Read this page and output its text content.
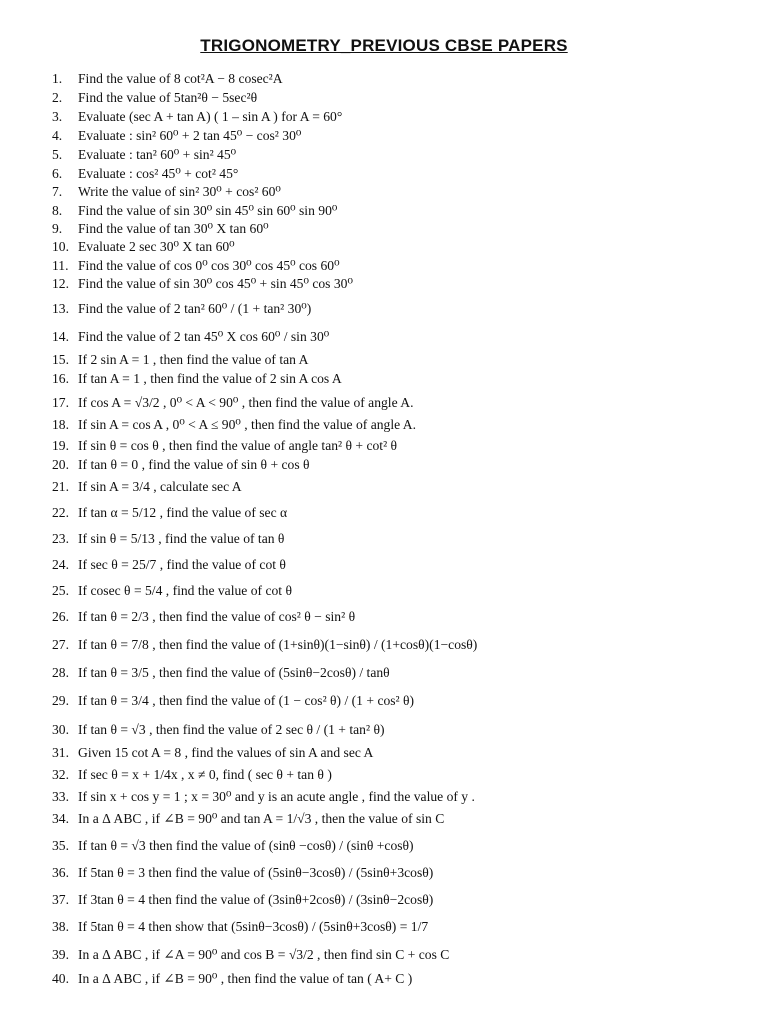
TRIGONOMETRY_PREVIOUS CBSE PAPERS
1. Find the value of 8 cot²A − 8 cosec²A
2. Find the value of 5tan²θ − 5sec²θ
3. Evaluate (sec A + tan A) ( 1 – sin A ) for A = 60°
4. Evaluate : sin² 60⁰ + 2 tan 45⁰ − cos² 30⁰
5. Evaluate : tan² 60⁰ + sin² 45⁰
6. Evaluate : cos² 45⁰ + cot² 45°
7. Write the value of sin² 30⁰ + cos² 60⁰
8. Find the value of sin 30⁰ sin 45⁰ sin 60⁰ sin 90⁰
9. Find the value of tan 30⁰ X tan 60⁰
10. Evaluate 2 sec 30⁰ X tan 60⁰
11. Find the value of cos 0⁰ cos 30⁰ cos 45⁰ cos 60⁰
12. Find the value of sin 30⁰ cos 45⁰ + sin 45⁰ cos 30⁰
13. Find the value of 2 tan² 60⁰ / (1 + tan² 30⁰)
14. Find the value of 2 tan 45⁰ X cos 60⁰ / sin 30⁰
15. If 2 sin A = 1 , then find the value of tan A
16. If tan A = 1 , then find the value of 2 sin A cos A
17. If cos A = √3/2 , 0⁰ < A < 90⁰ , then find the value of angle A.
18. If sin A = cos A , 0⁰ < A ≤ 90⁰ , then find the value of angle A.
19. If sin θ = cos θ , then find the value of angle tan² θ + cot² θ
20. If tan θ = 0 , find the value of sin θ + cos θ
21. If sin A = 3/4 , calculate sec A
22. If tan α = 5/12 , find the value of sec α
23. If sin θ = 5/13 , find the value of tan θ
24. If sec θ = 25/7 , find the value of cot θ
25. If cosec θ = 5/4 , find the value of cot θ
26. If tan θ = 2/3 , then find the value of cos² θ − sin² θ
27. If tan θ = 7/8 , then find the value of (1+sinθ)(1−sinθ) / (1+cosθ)(1−cosθ)
28. If tan θ = 3/5 , then find the value of (5sinθ−2cosθ) / tanθ
29. If tan θ = 3/4 , then find the value of (1 − cos² θ) / (1 + cos² θ)
30. If tan θ = √3 , then find the value of 2 sec θ / (1 + tan² θ)
31. Given 15 cot A = 8 , find the values of sin A and sec A
32. If sec θ = x + 1/4x , x ≠ 0, find ( sec θ + tan θ )
33. If sin x + cos y = 1 ; x = 30⁰ and y is an acute angle , find the value of y .
34. In a Δ ABC , if ∠B = 90⁰ and tan A = 1/√3 , then the value of sin C
35. If tan θ = √3 then find the value of (sinθ −cosθ) / (sinθ +cosθ)
36. If 5tan θ = 3 then find the value of (5sinθ−3cosθ) / (5sinθ+3cosθ)
37. If 3tan θ = 4 then find the value of (3sinθ+2cosθ) / (3sinθ−2cosθ)
38. If 5tan θ = 4 then show that (5sinθ−3cosθ) / (5sinθ+3cosθ) = 1/7
39. In a Δ ABC , if ∠A = 90⁰ and cos B = √3/2 , then find sin C + cos C
40. In a Δ ABC , if ∠B = 90⁰ , then find the value of tan ( A+ C )
